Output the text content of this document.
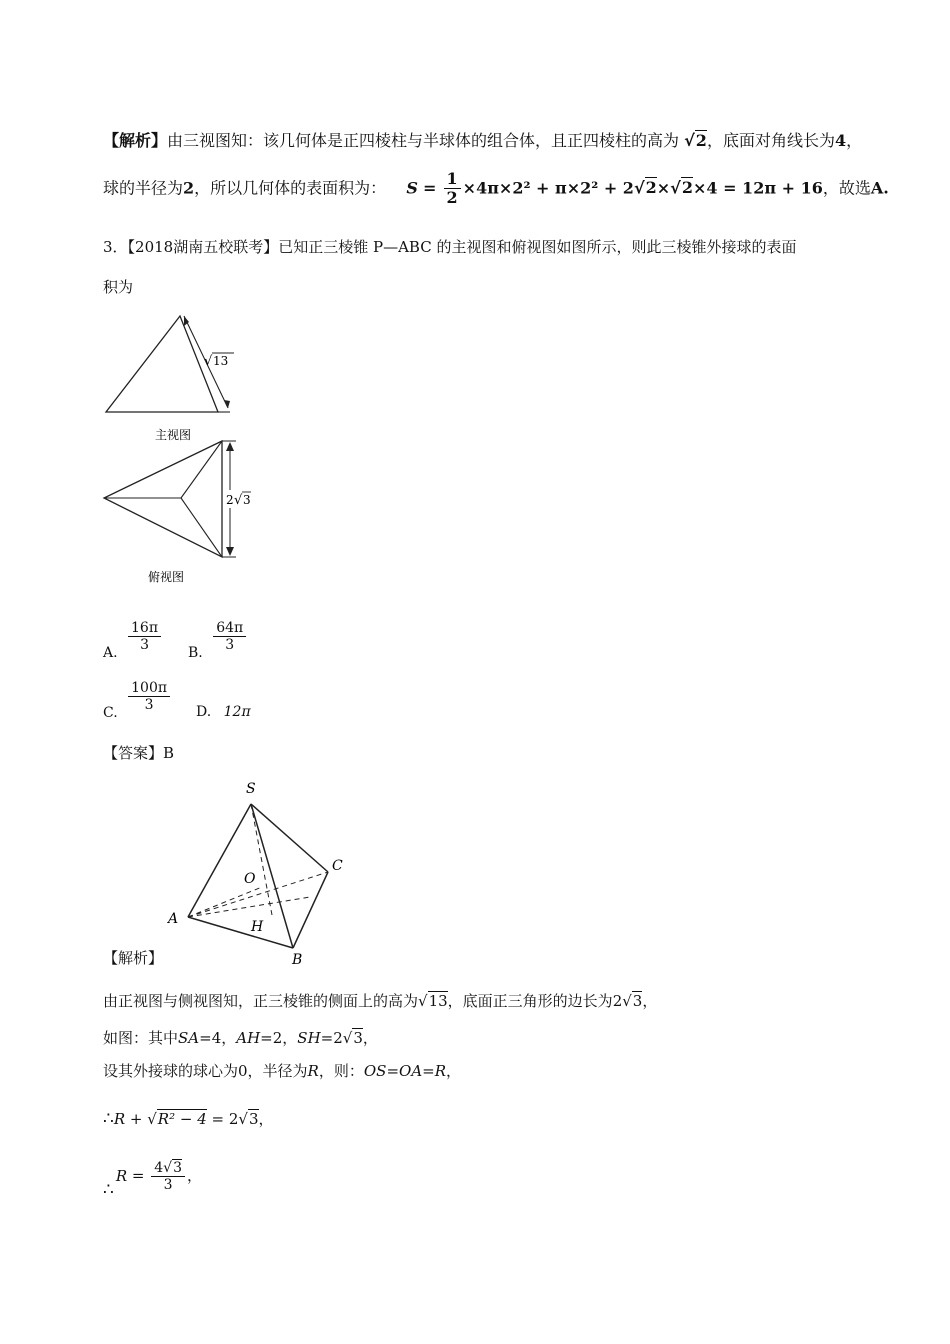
【解析】由三视图知：该几何体是正四棱柱与半球体的组合体，且正四棱柱的高为 √2，底面对角线长为4，
球的半径为2，所以几何体的表面积为： $S = \frac{1}{2} \times 4\pi\times 2^2 + \pi\times 2^2 + 2√2\times√2\times 4 = 12\pi + 16$，故选A.
3．【2018湖南五校联考】已知正三棱锥 P—ABC 的主视图和俯视图如图所示，则此三棱锥外接球的表面
积为
√ 13
主视图
2 √ 3
俯视图
A. $\frac{16\pi}{3} B$. $\frac{64\pi}{3}$
C. $\frac{100\pi}{3} D$. 12π
【答案】B
S
O
C
A	H
B
【解析】
由正视图与侧视图知，正三棱锥的侧面上的高为√13，底面正三角形的边长为2√3，
如图：其中SA=4，AH=2，SH=2√3，
设其外接球的球心为0，半径为R，则：OS=OA=R，
∴R + √R² − 4 = 2√3，
∴R = $\frac{4√3}{3}$ ，
